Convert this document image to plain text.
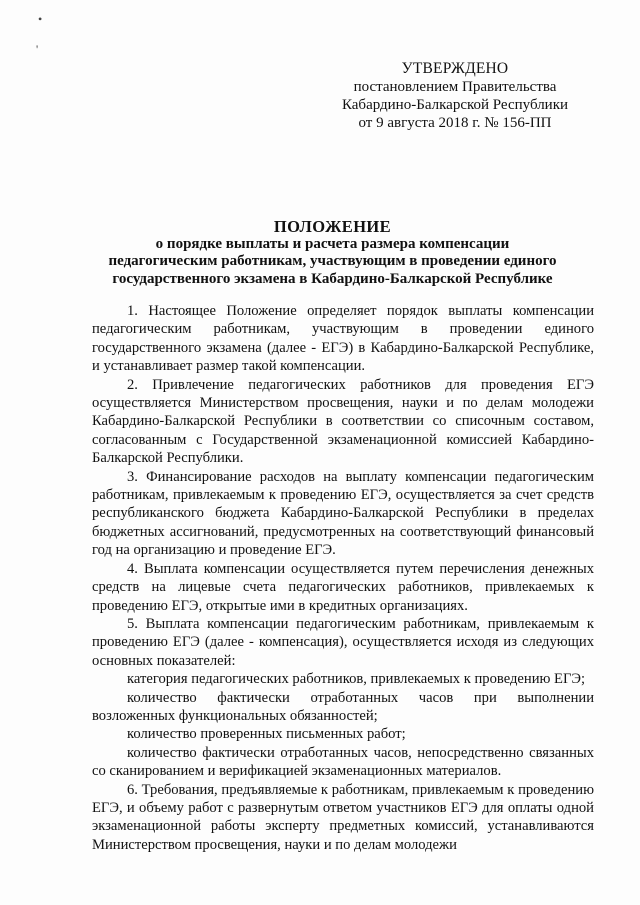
•
'
УТВЕРЖДЕНО
постановлением Правительства
Кабардино-Балкарской Республики
от 9 августа 2018 г. № 156-ПП
ПОЛОЖЕНИЕ
о порядке выплаты и расчета размера компенсации
педагогическим работникам, участвующим в проведении единого
государственного экзамена в Кабардино-Балкарской Республике

1. Настоящее Положение определяет порядок выплаты компенсации педагогическим работникам, участвующим в проведении единого государственного экзамена (далее - ЕГЭ) в Кабардино-Балкарской Республике, и устанавливает размер такой компенсации.

2. Привлечение педагогических работников для проведения ЕГЭ осуществляется Министерством просвещения, науки и по делам молодежи Кабардино-Балкарской Республики в соответствии со списочным составом, согласованным с Государственной экзаменационной комиссией Кабардино-Балкарской Республики.

3. Финансирование расходов на выплату компенсации педагогическим работникам, привлекаемым к проведению ЕГЭ, осуществляется за счет средств республиканского бюджета Кабардино-Балкарской Республики в пределах бюджетных ассигнований, предусмотренных на соответствующий финансовый год на организацию и проведение ЕГЭ.

4. Выплата компенсации осуществляется путем перечисления денежных средств на лицевые счета педагогических работников, привлекаемых к проведению ЕГЭ, открытые ими в кредитных организациях.

5. Выплата компенсации педагогическим работникам, привлекаемым к проведению ЕГЭ (далее - компенсация), осуществляется исходя из следующих основных показателей:

категория педагогических работников, привлекаемых к проведению ЕГЭ;

количество фактически отработанных часов при выполнении возложенных функциональных обязанностей;

количество проверенных письменных работ;

количество фактически отработанных часов, непосредственно связанных со сканированием и верификацией экзаменационных материалов.

6. Требования, предъявляемые к работникам, привлекаемым к проведению ЕГЭ, и объему работ с развернутым ответом участников ЕГЭ для оплаты одной экзаменационной работы эксперту предметных комиссий, устанавливаются Министерством просвещения, науки и по делам молодежи
